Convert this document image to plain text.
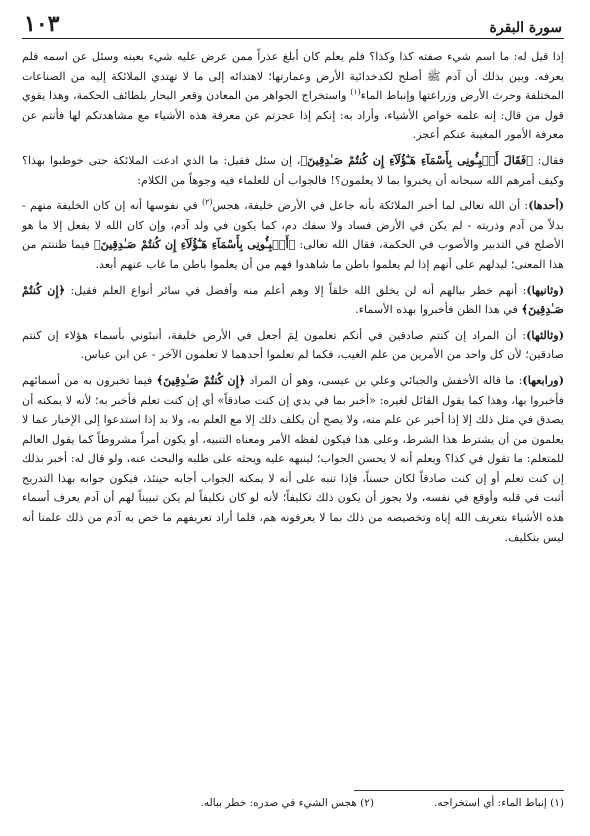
سورة البقرة
١٠٣

إذا قيل له: ما اسم شيء صفته كذا وكذا؟ فلم يعلم كان أبلغ عذراً ممن عرض عليه شيء بعينه وسئل عن اسمه فلم يعرفه. وبين بذلك أن آدم ﷺ أصلح لكدخدائية الأرض وعمارتها؛ لاهتدائه إلى ما لا تهتدي الملائكة إليه من الصناعات المختلفة وحرث الأرض وزراعتها وإنباط الماء$^{(١)}$ واستخراج الجواهر من المعادن وقعر البحار بلطائف الحكمة، وهذا يقوي قول من قال: إنه علمه خواص الأشياء، وأراد به: إنكم إذا عجزتم عن معرفة هذه الأشياء مع مشاهدتكم لها فأنتم عن معرفة الأمور المغيبة عنكم أعجز.

فقال: ﴿فَقَالَ أَنۢبِـُٔونِى بِأَسْمَآءِ هَـٰٓؤُلَآءِ إِن كُنتُمْ صَـٰدِقِينَ﴾، إن سئل فقيل: ما الذي ادعت الملائكة حتى خوطبوا بهذا؟ وكيف أمرهم الله سبحانه أن يخبروا بما لا يعلمون؟! فالجواب أن للعلماء فيه وجوهاً من الكلام:

(أحدها): أن الله تعالى لما أخبر الملائكة بأنه جاعل في الأرض خليفة، هجس$^{(٢)}$ في نفوسها أنه إن كان الخليفة منهم - بدلاً من آدم وذريته - لم يكن في الأرض فساد ولا سفك دم، كما يكون في ولد آدم، وإن كان الله لا يفعل إلا ما هو الأصلح في التدبير والأصوب في الحكمة، فقال الله تعالى: ﴿أَنۢبِـُٔونِى بِأَسْمَآءِ هَـٰٓؤُلَآءِ إِن كُنتُمْ صَـٰدِقِينَ﴾ فيما ظننتم من هذا المعنى؛ ليدلهم على أنهم إذا لم يعلموا باطن ما شاهدوا فهم من أن يعلموا باطن ما غاب عنهم أبعد.

(وثانيها): أنهم خطر ببالهم أنه لن يخلق الله خلقاً إلا وهم أعلم منه وأفضل في سائر أنواع العلم فقيل: ﴿إِن كُنتُمْ صَـٰدِقِينَ﴾ في هذا الظن فأخبروا بهذه الأسماء.

(وثالثها): أن المراد إن كنتم صادقين في أنكم تعلمون لِمَ أجعل في الأرض خليفة، أنبئوني بأسماء هؤلاء إن كنتم صادقين؛ لأن كل واحد من الأمرين من علم الغيب، فكما لم تعلموا أحدهما لا تعلمون الآخر - عن ابن عباس.

(ورابعها): ما قاله الأخفش والجبائي وعلي بن عيسى، وهو أن المراد ﴿إِن كُنتُمْ صَـٰدِقِينَ﴾ فيما تخبرون به من أسمائهم فأخبروا بها، وهذا كما يقول القائل لغيره: «أخبر بما في يدي إن كنت صادقاً» أي إن كنت تعلم فأخبر به؛ لأنه لا يمكنه أن يصدق في مثل ذلك إلا إذا أخبر عن علم منه، ولا يصح أن يكلف ذلك إلا مع العلم به، ولا بد إذا استدعوا إلى الإخبار عما لا يعلمون من أن يشترط هذا الشرط، وعلى هذا فيكون لفظه الأمر ومعناه التنبيه، أو يكون أمراً مشروطاً كما يقول العالم للمتعلم: ما تقول في كذا؟ ويعلم أنه لا يحسن الجواب؛ لينبهه عليه ويحثه على طلبه والبحث عنه، ولو قال له: أخبر بذلك إن كنت تعلم أو إن كنت صادقاً لكان حسناً، فإذا تنبه على أنه لا يمكنه الجواب أجابه حينئذ، فيكون جوابه بهذا التدريج أثبت في قلبه وأوقع في نفسه، ولا يجوز أن يكون ذلك تكليفاً؛ لأنه لو كان تكليفاً لم يكن تبييناً لهم أن آدم يعرف أسماء هذه الأشياء بتعريف الله إياه وتخصيصه من ذلك بما لا يعرفونه هم، فلما أراد تعريفهم ما خص به آدم من ذلك علمنا أنه ليس بتكليف.

(١) إنباط الماء: أي استخراجه.
(٢) هجس الشيء في صدره: خطر بباله.
